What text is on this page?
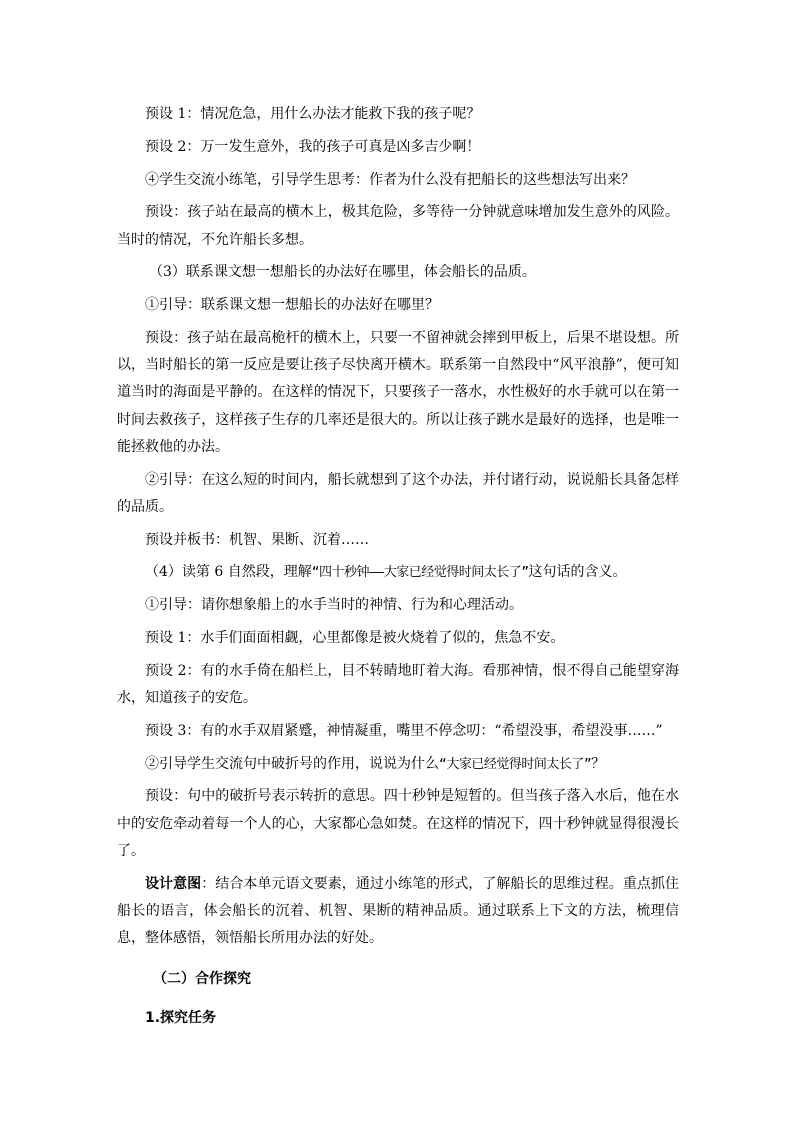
预设 1：情况危急，用什么办法才能救下我的孩子呢？

预设 2：万一发生意外，我的孩子可真是凶多吉少啊！

④学生交流小练笔，引导学生思考：作者为什么没有把船长的这些想法写出来？

预设：孩子站在最高的横木上，极其危险，多等待一分钟就意味增加发生意外的风险。当时的情况，不允许船长多想。

（3）联系课文想一想船长的办法好在哪里，体会船长的品质。

①引导：联系课文想一想船长的办法好在哪里？

预设：孩子站在最高桅杆的横木上，只要一不留神就会摔到甲板上，后果不堪设想。所以，当时船长的第一反应是要让孩子尽快离开横木。联系第一自然段中“风平浪静”，便可知道当时的海面是平静的。在这样的情况下，只要孩子一落水，水性极好的水手就可以在第一时间去救孩子，这样孩子生存的几率还是很大的。所以让孩子跳水是最好的选择，也是唯一能拯救他的办法。

②引导：在这么短的时间内，船长就想到了这个办法，并付诸行动，说说船长具备怎样的品质。

预设并板书：机智、果断、沉着……

（4）读第 6 自然段，理解“四十秒钟——大家已经觉得时间太长了”这句话的含义。

①引导：请你想象船上的水手当时的神情、行为和心理活动。

预设 1：水手们面面相觑，心里都像是被火烧着了似的，焦急不安。

预设 2：有的水手倚在船栏上，目不转睛地盯着大海。看那神情，恨不得自己能望穿海水，知道孩子的安危。

预设 3：有的水手双眉紧蹙，神情凝重，嘴里不停念叨：“希望没事，希望没事……”

②引导学生交流句中破折号的作用，说说为什么“大家已经觉得时间太长了”？

预设：句中的破折号表示转折的意思。四十秒钟是短暂的。但当孩子落入水后，他在水中的安危牵动着每一个人的心，大家都心急如焚。在这样的情况下，四十秒钟就显得很漫长了。

设计意图：结合本单元语文要素，通过小练笔的形式，了解船长的思维过程。重点抓住船长的语言，体会船长的沉着、机智、果断的精神品质。通过联系上下文的方法，梳理信息，整体感悟，领悟船长所用办法的好处。

（二）合作探究

1.探究任务
